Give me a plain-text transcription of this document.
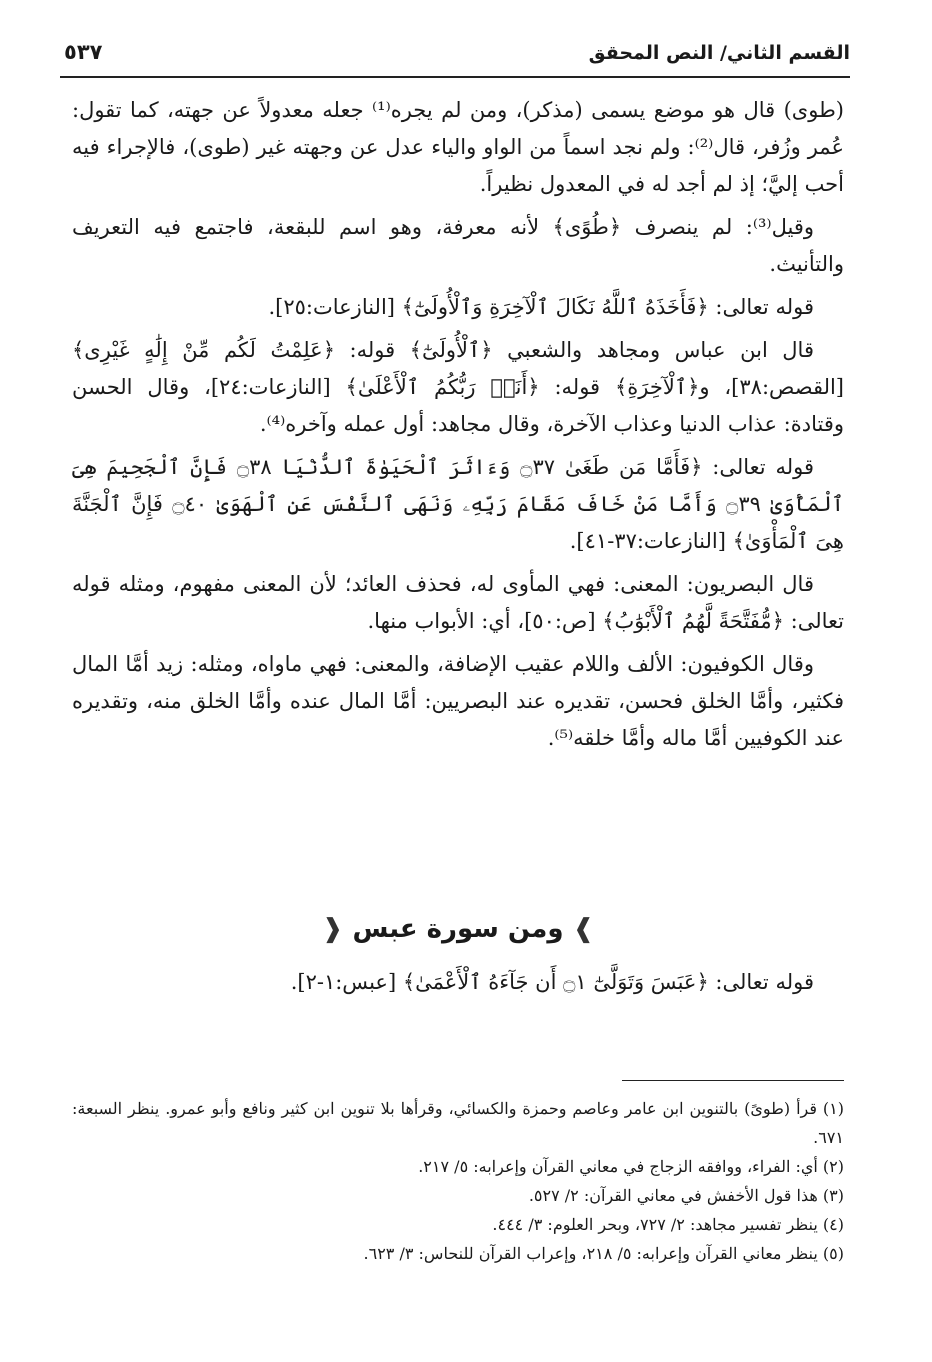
القسم الثاني/ النص المحقق
٥٣٧

(طوى) قال هو موضع يسمى (مذكر)، ومن لم يجره⁽¹⁾ جعله معدولاً عن جهته، كما تقول: عُمر وزُفر، قال⁽²⁾: ولم نجد اسماً من الواو والياء عدل عن وجهته غير (طوى)، فالإجراء فيه أحب إليَّ؛ إذ لم أجد له في المعدول نظيراً.

وقيل⁽³⁾: لم ينصرف ﴿طُوًى﴾ لأنه معرفة، وهو اسم للبقعة، فاجتمع فيه التعريف والتأنيث.

قوله تعالى: ﴿فَأَخَذَهُ ٱللَّهُ نَكَالَ ٱلْآخِرَةِ وَٱلْأُولَىٰٓ﴾ [النازعات:٢٥].

قال ابن عباس ومجاهد والشعبي ﴿ٱلْأُولَىٰٓ﴾ قوله: ﴿عَلِمْتُ لَكُم مِّنْ إِلَٰهٍ غَيْرِى﴾ [القصص:٣٨]، و﴿ٱلْآخِرَةِ﴾ قوله: ﴿أَنَا۠ رَبُّكُمُ ٱلْأَعْلَىٰ﴾ [النازعات:٢٤]، وقال الحسن وقتادة: عذاب الدنيا وعذاب الآخرة، وقال مجاهد: أول عمله وآخره⁽⁴⁾.

قوله تعالى: ﴿فَأَمَّا مَن طَغَىٰ ۝٣٧ وَءَاثَرَ ٱلْحَيَوٰةَ ٱلدُّنْيَا ۝٣٨ فَإِنَّ ٱلْجَحِيمَ هِىَ ٱلْمَأْوَىٰ ۝٣٩ وَأَمَّا مَنْ خَافَ مَقَامَ رَبِّهِۦ وَنَهَى ٱلنَّفْسَ عَنِ ٱلْهَوَىٰ ۝٤٠ فَإِنَّ ٱلْجَنَّةَ هِىَ ٱلْمَأْوَىٰ﴾ [النازعات:٣٧-٤١].

قال البصريون: المعنى: فهي المأوى له، فحذف العائد؛ لأن المعنى مفهوم، ومثله قوله تعالى: ﴿مُّفَتَّحَةً لَّهُمُ ٱلْأَبْوَٰبُ﴾ [ص:٥٠]، أي: الأبواب منها.

وقال الكوفيون: الألف واللام عقيب الإضافة، والمعنى: فهي ماواه، ومثله: زيد أمَّا المال فكثير، وأمَّا الخلق فحسن، تقديره عند البصريين: أمَّا المال عنده وأمَّا الخلق منه، وتقديره عند الكوفيين أمَّا ماله وأمَّا خلقه⁽⁵⁾.

❱ ومن سورة عبس ❰
قوله تعالى: ﴿عَبَسَ وَتَوَلَّىٰٓ ۝١ أَن جَآءَهُ ٱلْأَعْمَىٰ﴾ [عبس:١-٢].

(١) قرأ (طوىً) بالتنوين ابن عامر وعاصم وحمزة والكسائي، وقرأها بلا تنوين ابن كثير ونافع وأبو عمرو. ينظر السبعة: ٦٧١.

(٢) أي: الفراء، ووافقه الزجاج في معاني القرآن وإعرابه: ٥/ ٢١٧.

(٣) هذا قول الأخفش في معاني القرآن: ٢/ ٥٢٧.

(٤) ينظر تفسير مجاهد: ٢/ ٧٢٧، وبحر العلوم: ٣/ ٤٤٤.

(٥) ينظر معاني القرآن وإعرابه: ٥/ ٢١٨، وإعراب القرآن للنحاس: ٣/ ٦٢٣.
